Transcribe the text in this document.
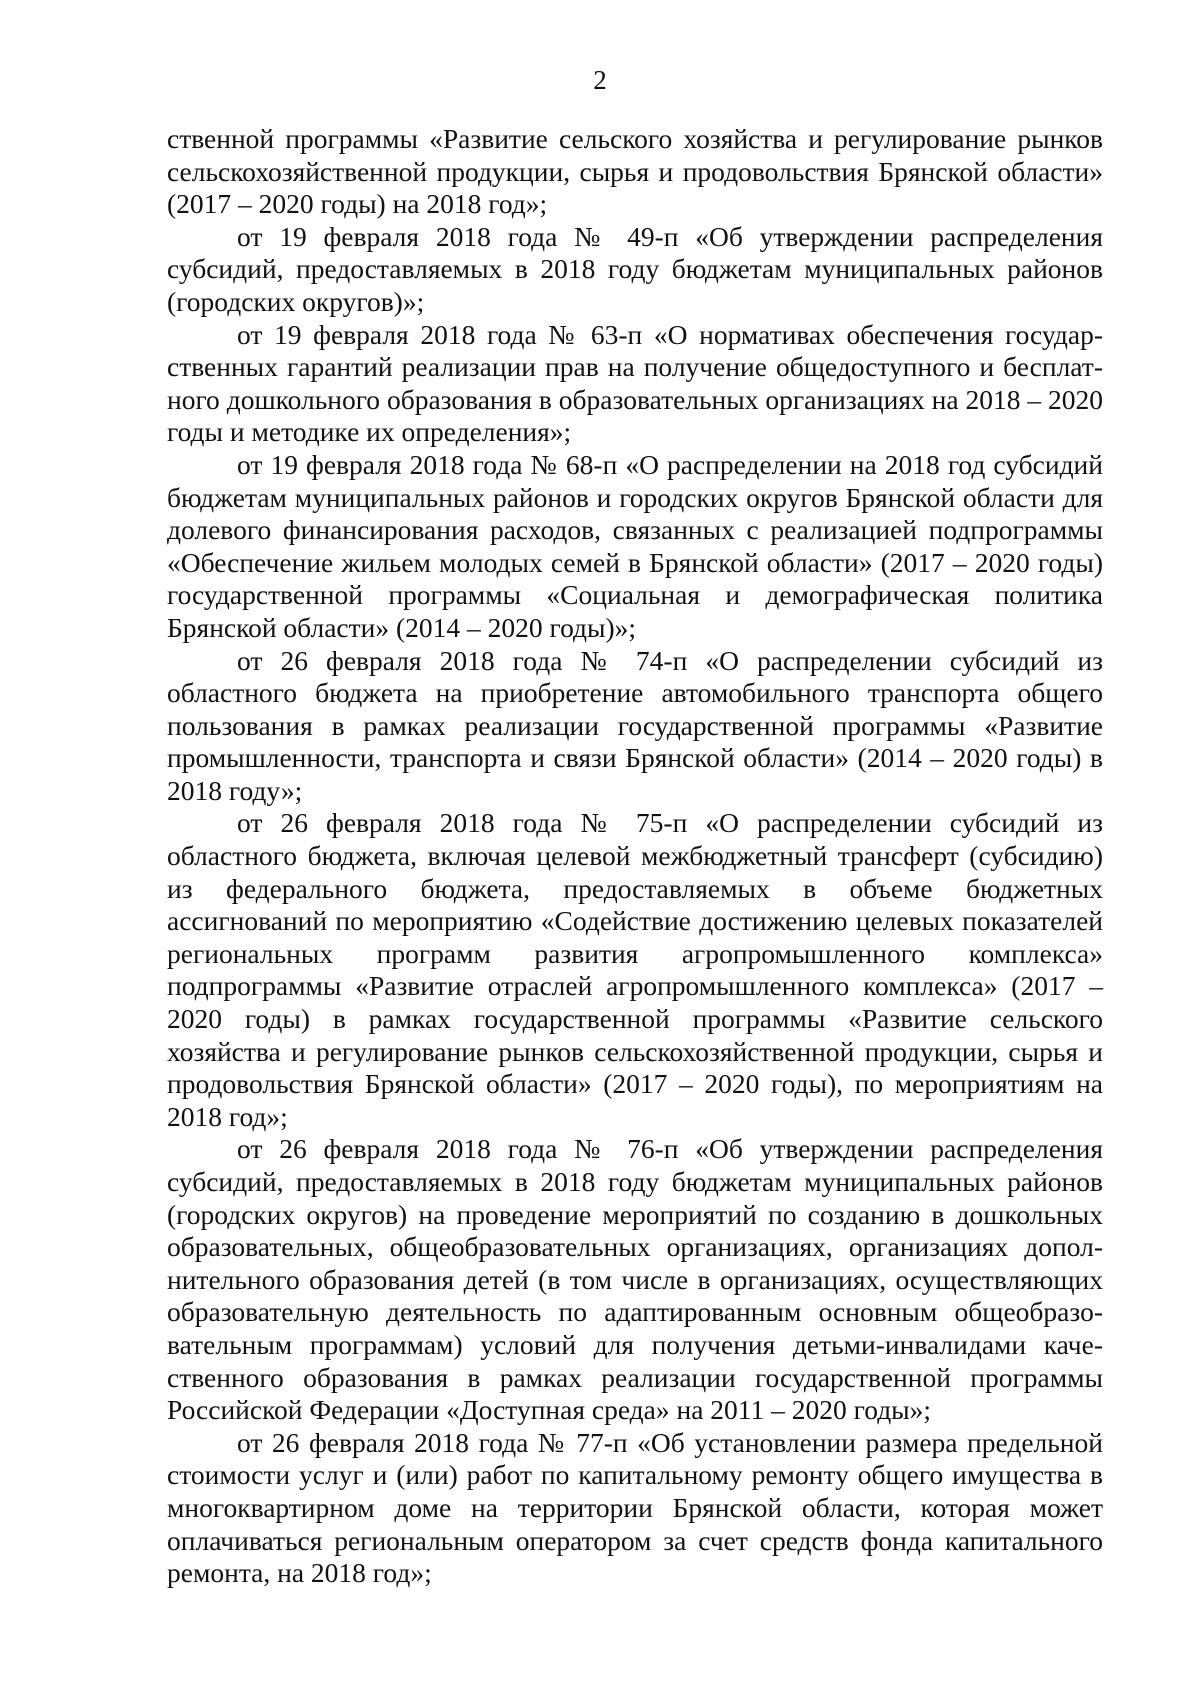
2

ственной программы «Развитие сельского хозяйства и регулирование рынков сельскохозяйственной продукции, сырья и продовольствия Брянской области» (2017 – 2020 годы) на 2018 год»;

от 19 февраля 2018 года № 49-п «Об утверждении распределения субсидий, предоставляемых в 2018 году бюджетам муниципальных районов (городских округов)»;

от 19 февраля 2018 года № 63-п «О нормативах обеспечения государственных гарантий реализации прав на получение общедоступного и бесплатного дошкольного образования в образовательных организациях на 2018 – 2020 годы и методике их определения»;

от 19 февраля 2018 года № 68-п «О распределении на 2018 год субсидий бюджетам муниципальных районов и городских округов Брянской области для долевого финансирования расходов, связанных с реализацией подпрограммы «Обеспечение жильем молодых семей в Брянской области» (2017 – 2020 годы) государственной программы «Социальная и демографическая политика Брянской области» (2014 – 2020 годы)»;

от 26 февраля 2018 года № 74-п «О распределении субсидий из областного бюджета на приобретение автомобильного транспорта общего пользования в рамках реализации государственной программы «Развитие промышленности, транспорта и связи Брянской области» (2014 – 2020 годы) в 2018 году»;

от 26 февраля 2018 года № 75-п «О распределении субсидий из областного бюджета, включая целевой межбюджетный трансферт (субсидию) из федерального бюджета, предоставляемых в объеме бюджетных ассигнований по мероприятию «Содействие достижению целевых показателей региональных программ развития агропромышленного комплекса» подпрограммы «Развитие отраслей агропромышленного комплекса» (2017 – 2020 годы) в рамках государственной программы «Развитие сельского хозяйства и регулирование рынков сельскохозяйственной продукции, сырья и продовольствия Брянской области» (2017 – 2020 годы), по мероприятиям на 2018 год»;

от 26 февраля 2018 года № 76-п «Об утверждении распределения субсидий, предоставляемых в 2018 году бюджетам муниципальных районов (городских округов) на проведение мероприятий по созданию в дошкольных образовательных, общеобразовательных организациях, организациях дополнительного образования детей (в том числе в организациях, осуществляющих образовательную деятельность по адаптированным основным общеобразовательным программам) условий для получения детьми-инвалидами качественного образования в рамках реализации государственной программы Российской Федерации «Доступная среда» на 2011 – 2020 годы»;

от 26 февраля 2018 года № 77-п «Об установлении размера предельной стоимости услуг и (или) работ по капитальному ремонту общего имущества в многоквартирном доме на территории Брянской области, которая может оплачиваться региональным оператором за счет средств фонда капитального ремонта, на 2018 год»;
